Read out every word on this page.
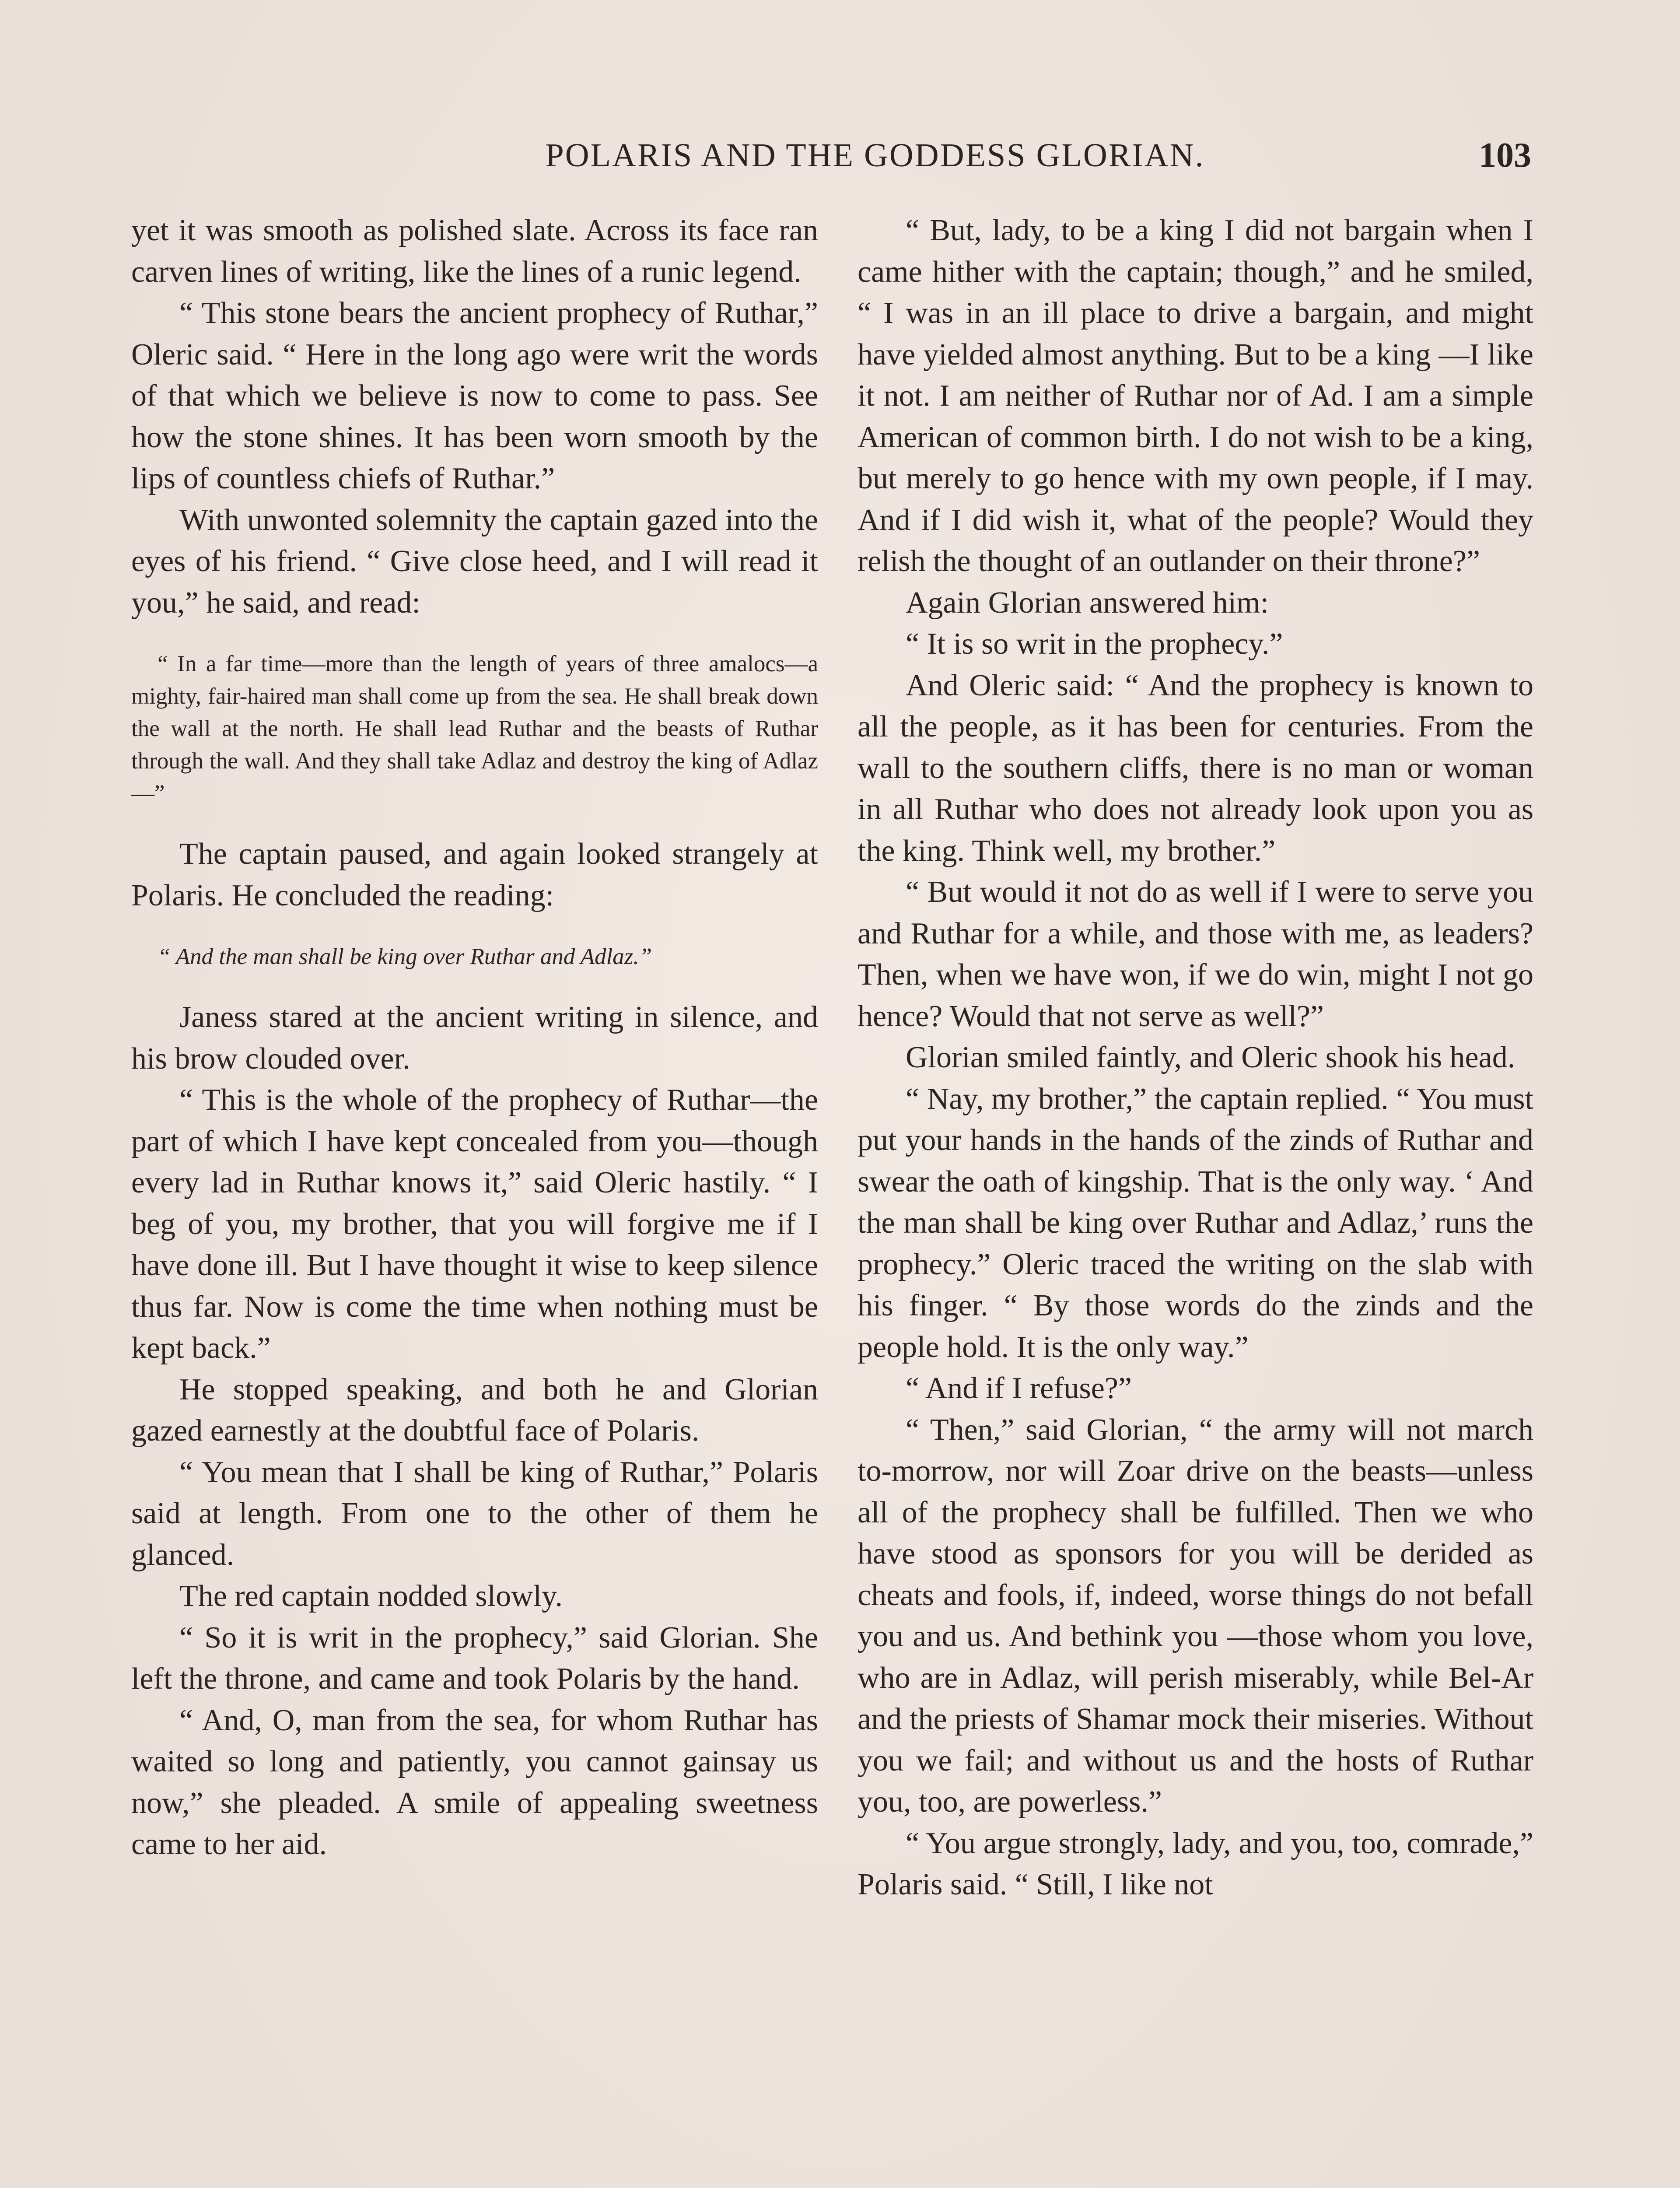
POLARIS AND THE GODDESS GLORIAN.	103

yet it was smooth as polished slate. Across its face ran carven lines of writing, like the lines of a runic legend.

“ This stone bears the ancient prophecy of Ruthar,” Oleric said. “ Here in the long ago were writ the words of that which we believe is now to come to pass. See how the stone shines. It has been worn smooth by the lips of countless chiefs of Ruthar.”

With unwonted solemnity the captain gazed into the eyes of his friend. “ Give close heed, and I will read it you,” he said, and read:

“ In a far time—more than the length of years of three amalocs—a mighty, fair-haired man shall come up from the sea. He shall break down the wall at the north. He shall lead Ruthar and the beasts of Ruthar through the wall. And they shall take Adlaz and destroy the king of Adlaz—”

The captain paused, and again looked strangely at Polaris. He concluded the reading:

“ And the man shall be king over Ruthar and Adlaz.”

Janess stared at the ancient writing in silence, and his brow clouded over.

“ This is the whole of the prophecy of Ruthar—the part of which I have kept concealed from you—though every lad in Ruthar knows it,” said Oleric hastily. “ I beg of you, my brother, that you will forgive me if I have done ill. But I have thought it wise to keep silence thus far. Now is come the time when nothing must be kept back.”

He stopped speaking, and both he and Glorian gazed earnestly at the doubtful face of Polaris.

“ You mean that I shall be king of Ruthar,” Polaris said at length. From one to the other of them he glanced.

The red captain nodded slowly.

“ So it is writ in the prophecy,” said Glorian. She left the throne, and came and took Polaris by the hand.

“ And, O, man from the sea, for whom Ruthar has waited so long and patiently, you cannot gainsay us now,” she pleaded. A smile of appealing sweetness came to her aid.

“ But, lady, to be a king I did not bargain when I came hither with the captain; though,” and he smiled, “ I was in an ill place to drive a bargain, and might have yielded almost anything. But to be a king —I like it not. I am neither of Ruthar nor of Ad. I am a simple American of common birth. I do not wish to be a king, but merely to go hence with my own people, if I may. And if I did wish it, what of the people? Would they relish the thought of an outlander on their throne?”

Again Glorian answered him:

“ It is so writ in the prophecy.”

And Oleric said: “ And the prophecy is known to all the people, as it has been for centuries. From the wall to the southern cliffs, there is no man or woman in all Ruthar who does not already look upon you as the king. Think well, my brother.”

“ But would it not do as well if I were to serve you and Ruthar for a while, and those with me, as leaders? Then, when we have won, if we do win, might I not go hence? Would that not serve as well?”

Glorian smiled faintly, and Oleric shook his head.

“ Nay, my brother,” the captain replied. “ You must put your hands in the hands of the zinds of Ruthar and swear the oath of kingship. That is the only way. ‘ And the man shall be king over Ruthar and Adlaz,’ runs the prophecy.” Oleric traced the writing on the slab with his finger. “ By those words do the zinds and the people hold. It is the only way.”

“ And if I refuse?”

“ Then,” said Glorian, “ the army will not march to-morrow, nor will Zoar drive on the beasts—unless all of the prophecy shall be fulfilled. Then we who have stood as sponsors for you will be derided as cheats and fools, if, indeed, worse things do not befall you and us. And bethink you —those whom you love, who are in Adlaz, will perish miserably, while Bel-Ar and the priests of Shamar mock their miseries. Without you we fail; and without us and the hosts of Ruthar you, too, are powerless.”

“ You argue strongly, lady, and you, too, comrade,” Polaris said. “ Still, I like not
